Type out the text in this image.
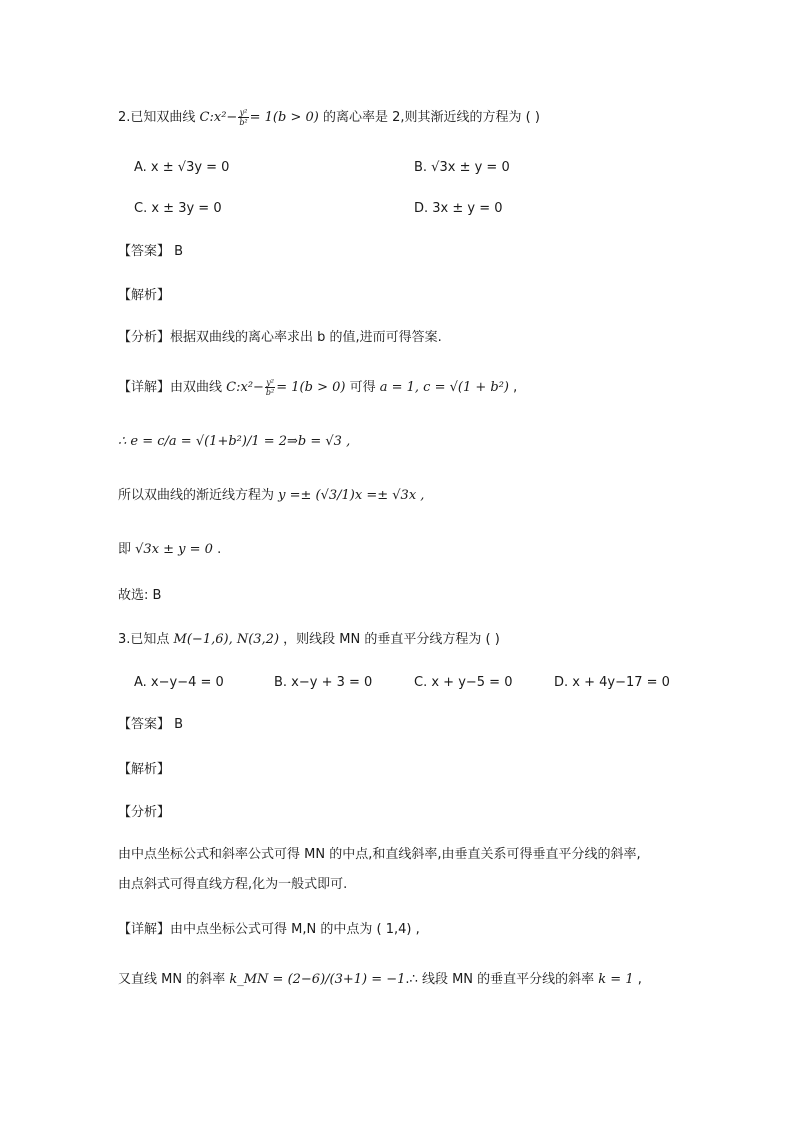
2.已知双曲线 C:x²− $\frac{\text{y²}}{\text{b²}} = 1(b > 0)$ 的离心率是 2,则其渐近线的方程为 ( )
A. x ± √3y = 0	B. √3x ± y = 0
C. x ± 3y = 0	D. 3x ± y = 0
【答案】 B
【解析】
【分析】根据双曲线的离心率求出 b 的值,进而可得答案.
【详解】由双曲线 C:x²− $\frac{\text{y²}}{\text{b²}} = 1(b > 0)$ 可得 a = 1, c = √(1 + b²) ,
∴ e = c/a = √(1+b²)/1 = 2⇒b = √3 ,
所以双曲线的渐近线方程为 y =± (√3/1)x =± √3x ,
即 √3x ± y = 0 .
故选: B
3.已知点 M(−1,6), N(3,2) ，则线段 MN 的垂直平分线方程为 ( )
A. x−y−4 = 0	B. x−y + 3 = 0	C. x + y−5 = 0	D. x + 4y−17 = 0
【答案】 B
【解析】
【分析】
由中点坐标公式和斜率公式可得 MN 的中点,和直线斜率,由垂直关系可得垂直平分线的斜率,
由点斜式可得直线方程,化为一般式即可.
【详解】由中点坐标公式可得 M,N 的中点为 ( 1,4) ,
又直线 MN 的斜率 k_MN = (2−6)/(3+1) = −1.∴ 线段 MN 的垂直平分线的斜率 k = 1 ,
